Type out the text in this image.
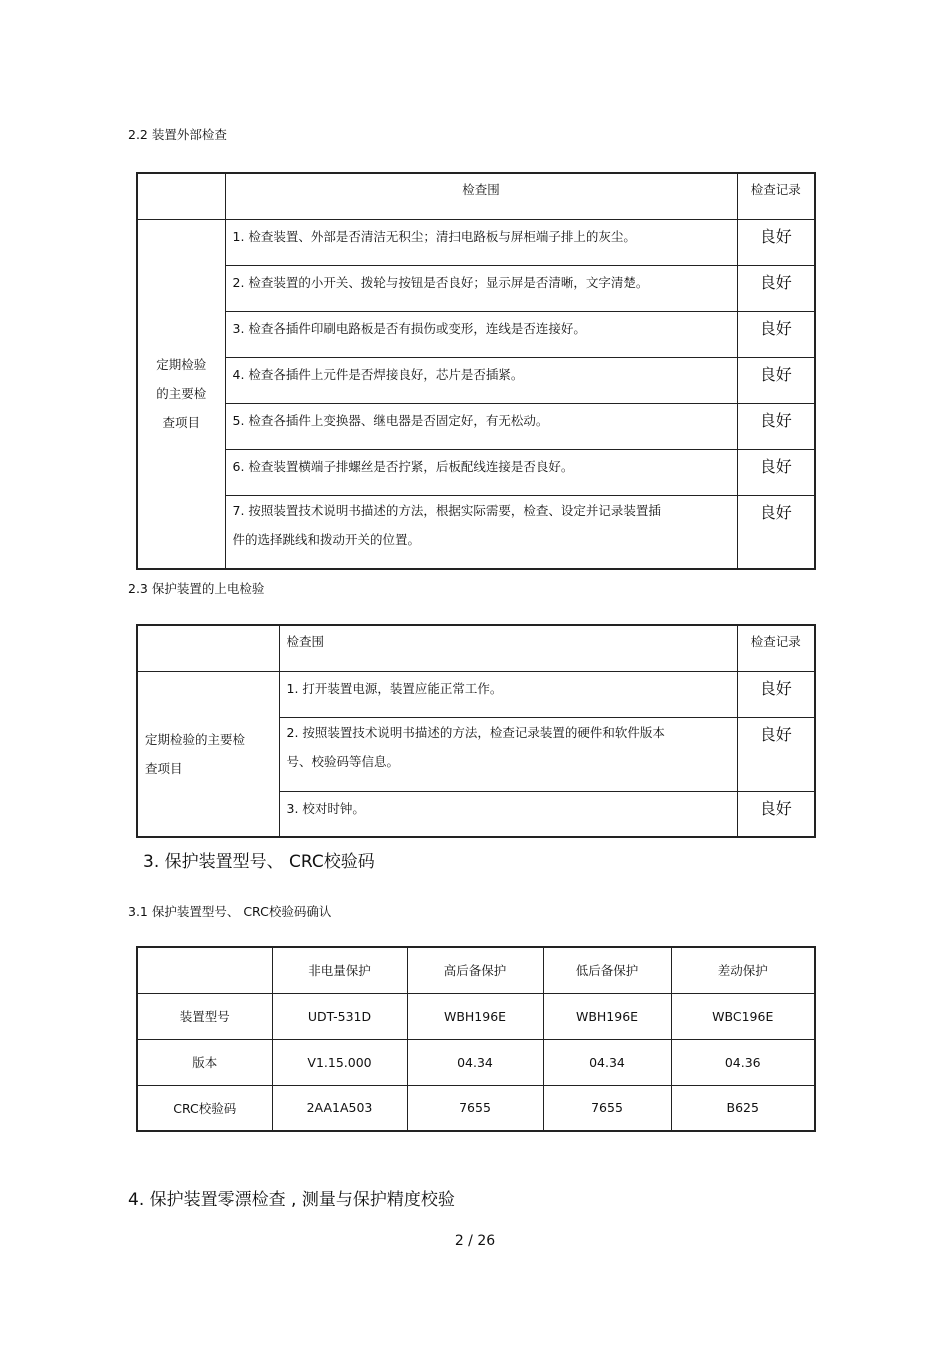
2.2 装置外部检查
	检查围	检查记录

定期检验
的主要检
查项目	1. 检查装置、外部是否清洁无积尘；清扫电路板与屏柜端子排上的灰尘。	良好
	2. 检查装置的小开关、拨轮与按钮是否良好；显示屏是否清晰，文字清楚。	良好
	3. 检查各插件印刷电路板是否有损伤或变形，连线是否连接好。	良好
	4. 检查各插件上元件是否焊接良好，芯片是否插紧。	良好
	5. 检查各插件上变换器、继电器是否固定好，有无松动。	良好
	6. 检查装置横端子排螺丝是否拧紧，后板配线连接是否良好。	良好

	7. 按照装置技术说明书描述的方法，根据实际需要，检查、设定并记录装置插
件的选择跳线和拨动开关的位置。	良好
2.3 保护装置的上电检验
	检查围	检查记录

定期检验的主要检
查项目	1. 打开装置电源，装置应能正常工作。	良好

	2. 按照装置技术说明书描述的方法，检查记录装置的硬件和软件版本
号、校验码等信息。	良好
	3. 校对时钟。	良好
3. 保护装置型号、 CRC校验码
3.1 保护装置型号、 CRC校验码确认
	非电量保护	高后备保护	低后备保护	差动保护
装置型号	UDT-531D	WBH196E	WBH196E	WBC196E
版本	V1.15.000	04.34	04.34	04.36
CRC校验码	2AA1A503	7655	7655	B625
4. 保护装置零漂检查 , 测量与保护精度校验
2 / 26
